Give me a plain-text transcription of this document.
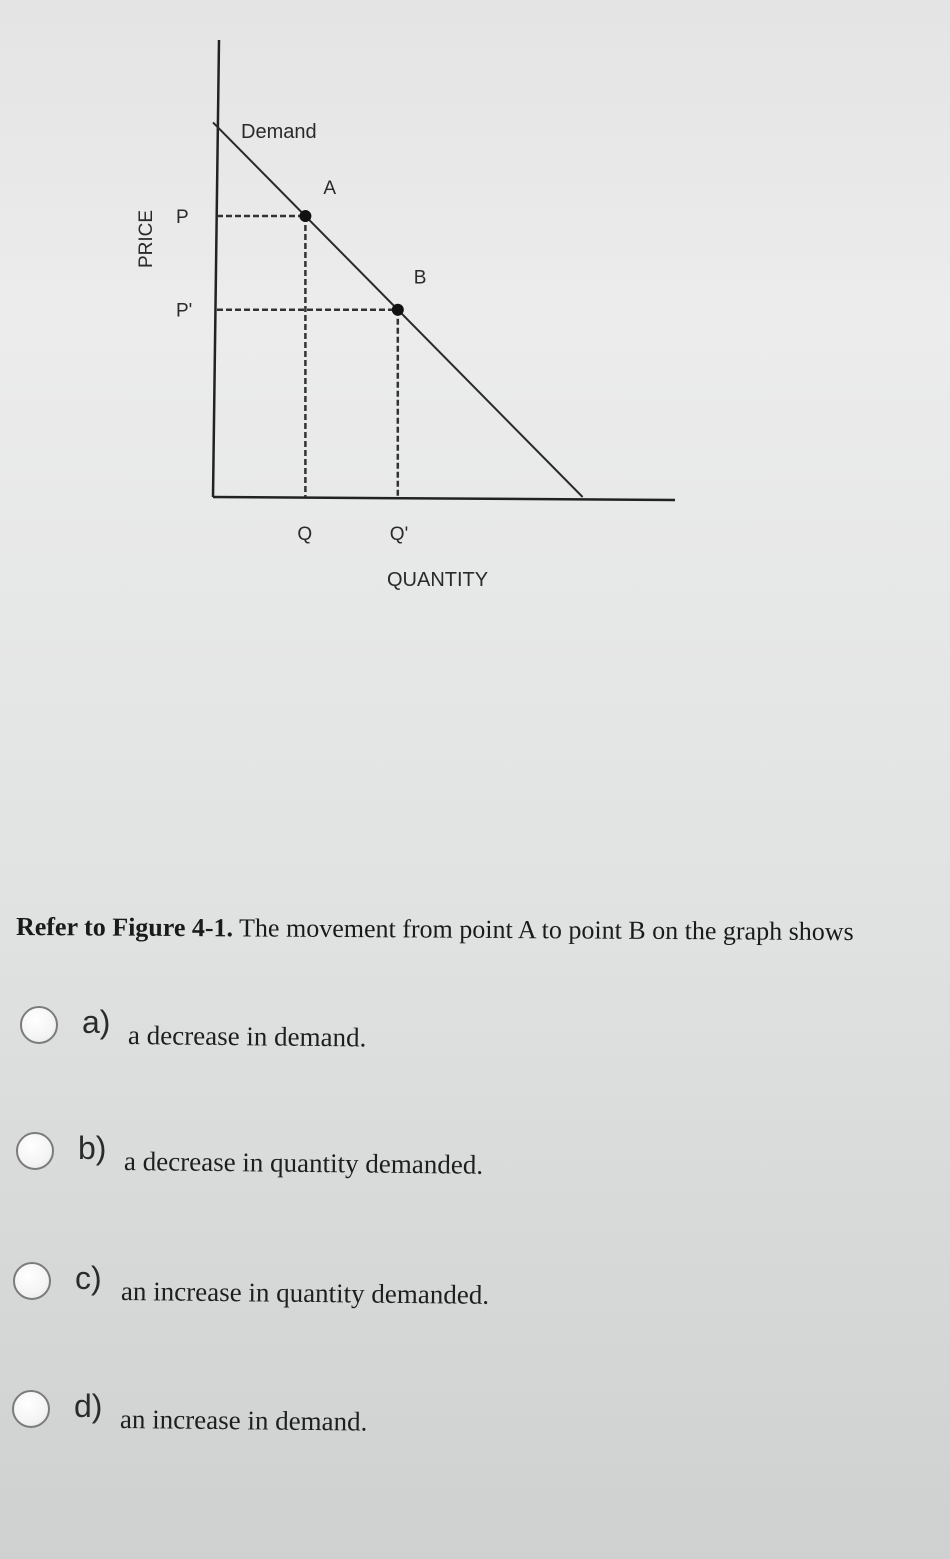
A
B
P
Q
P'
Q'
Demand
QUANTITY
PRICE
Refer to Figure 4-1. The movement from point A to point B on the graph shows
a) a decrease in demand.
b) a decrease in quantity demanded.
c) an increase in quantity demanded.
d) an increase in demand.
